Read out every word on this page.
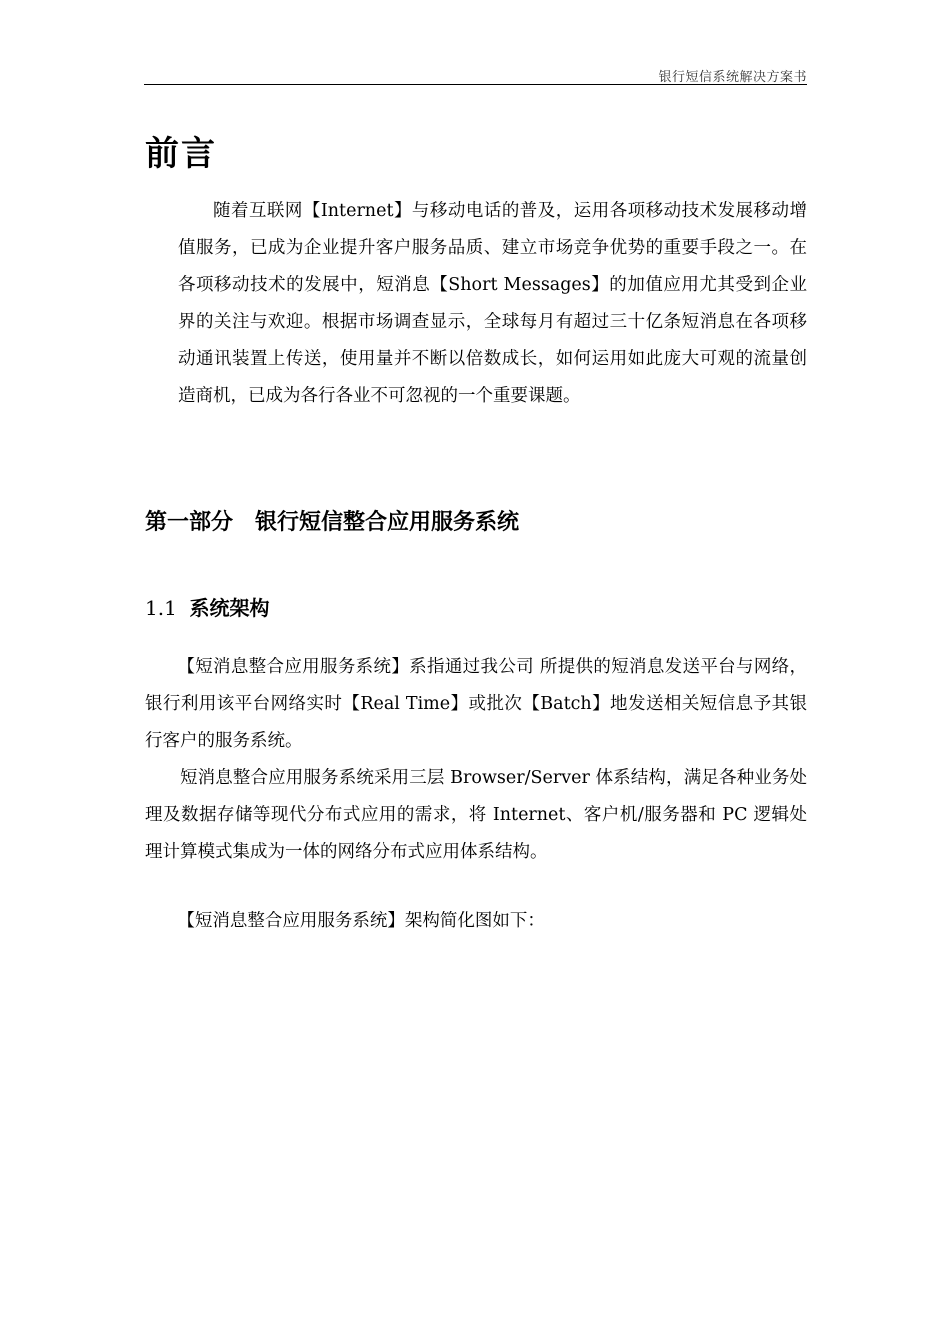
银行短信系统解决方案书
前言

随着互联网【Internet】与移动电话的普及，运用各项移动技术发展移动增值服务，已成为企业提升客户服务品质、建立市场竞争优势的重要手段之一。在各项移动技术的发展中，短消息【Short Messages】的加值应用尤其受到企业界的关注与欢迎。根据市场调查显示，全球每月有超过三十亿条短消息在各项移动通讯装置上传送，使用量并不断以倍数成长，如何运用如此庞大可观的流量创造商机，已成为各行各业不可忽视的一个重要课题。

第一部分　银行短信整合应用服务系统
1.1 系统架构

【短消息整合应用服务系统】系指通过我公司 所提供的短消息发送平台与网络，银行利用该平台网络实时【Real Time】或批次【Batch】地发送相关短信息予其银行客户的服务系统。

短消息整合应用服务系统采用三层 Browser/Server 体系结构，满足各种业务处理及数据存储等现代分布式应用的需求，将 Internet、客户机/服务器和 PC 逻辑处理计算模式集成为一体的网络分布式应用体系结构。

【短消息整合应用服务系统】架构简化图如下：
